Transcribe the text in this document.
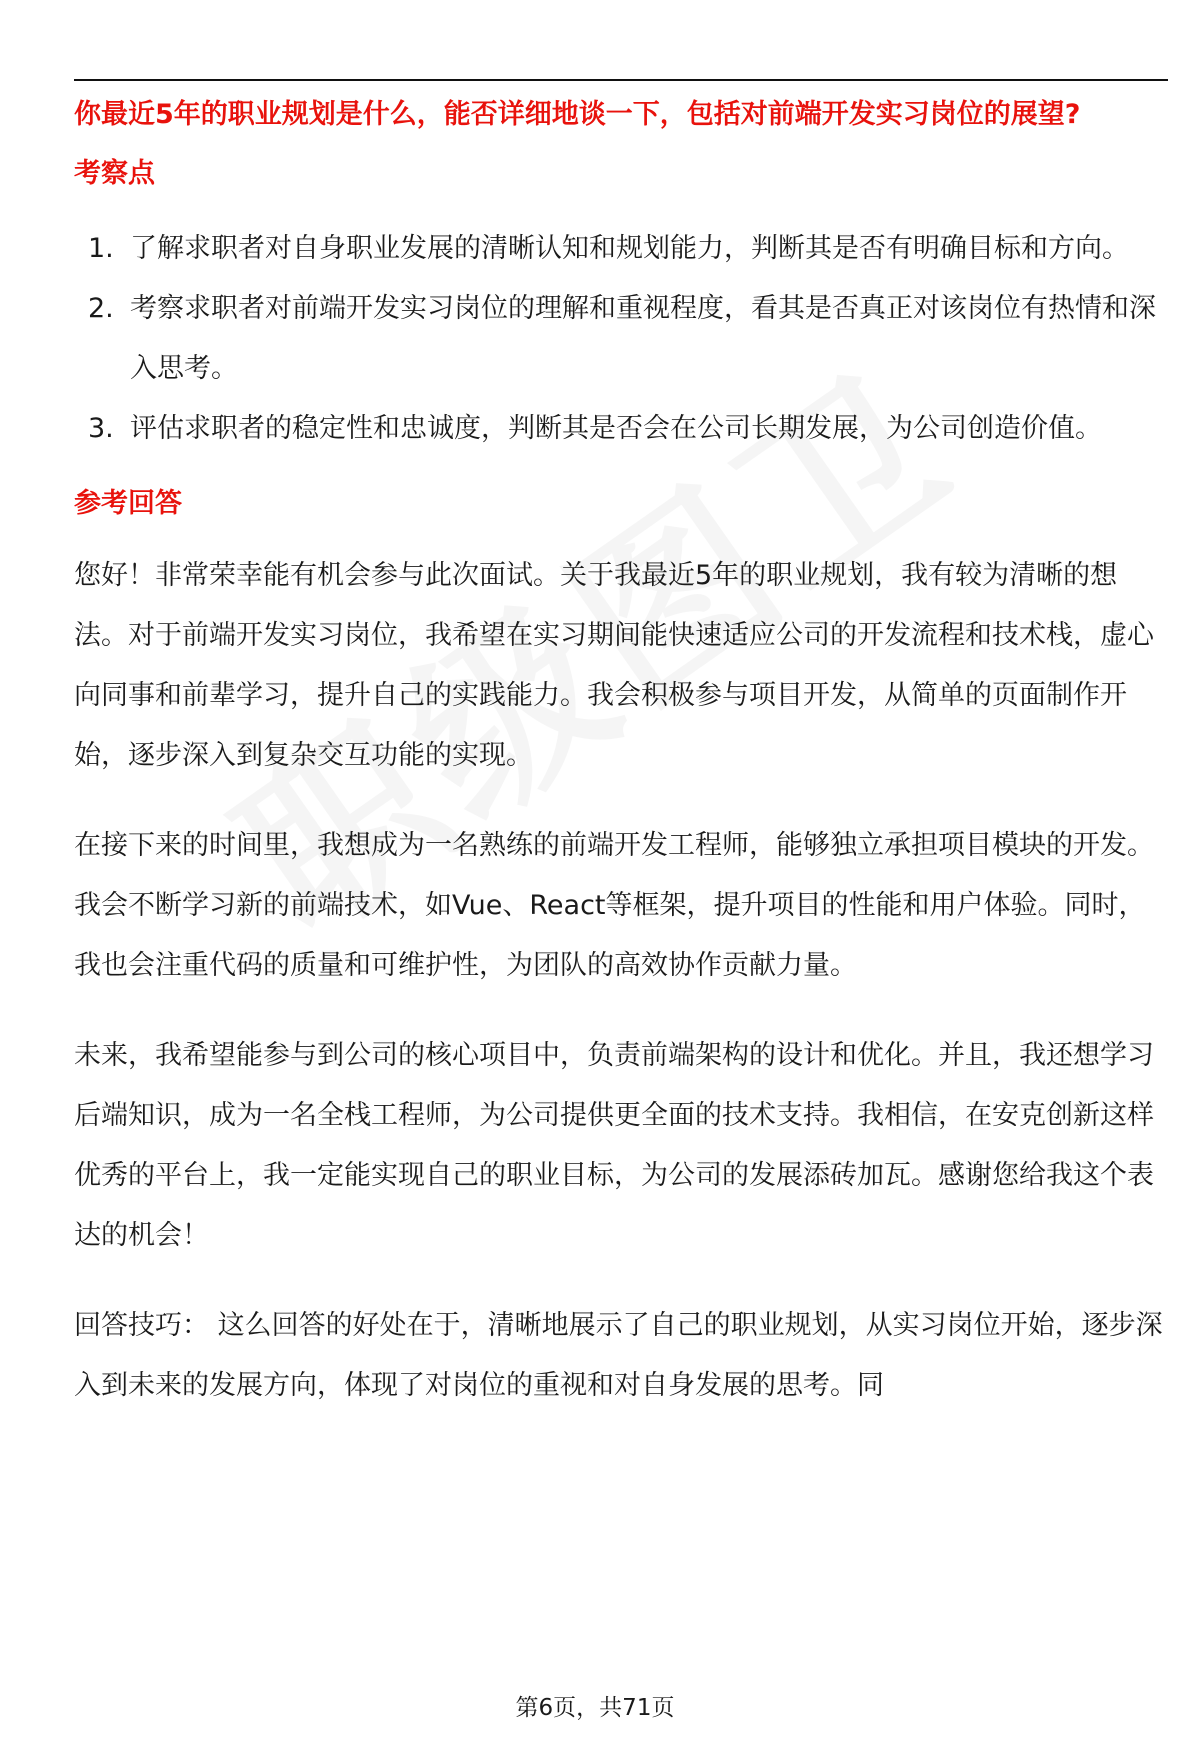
你最近5年的职业规划是什么，能否详细地谈一下，包括对前端开发实习岗位的展望?
考察点
1. 了解求职者对自身职业发展的清晰认知和规划能力，判断其是否有明确目标和方向。
2. 考察求职者对前端开发实习岗位的理解和重视程度，看其是否真正对该岗位有热情和深入思考。
3. 评估求职者的稳定性和忠诚度，判断其是否会在公司长期发展，为公司创造价值。
参考回答

您好！非常荣幸能有机会参与此次面试。关于我最近5年的职业规划，我有较为清晰的想法。对于前端开发实习岗位，我希望在实习期间能快速适应公司的开发流程和技术栈，虚心向同事和前辈学习，提升自己的实践能力。我会积极参与项目开发，从简单的页面制作开始，逐步深入到复杂交互功能的实现。

在接下来的时间里，我想成为一名熟练的前端开发工程师，能够独立承担项目模块的开发。我会不断学习新的前端技术，如Vue、React等框架，提升项目的性能和用户体验。同时，我也会注重代码的质量和可维护性，为团队的高效协作贡献力量。

未来，我希望能参与到公司的核心项目中，负责前端架构的设计和优化。并且，我还想学习后端知识，成为一名全栈工程师，为公司提供更全面的技术支持。我相信，在安克创新这样优秀的平台上，我一定能实现自己的职业目标，为公司的发展添砖加瓦。感谢您给我这个表达的机会！

回答技巧： 这么回答的好处在于，清晰地展示了自己的职业规划，从实习岗位开始，逐步深入到未来的发展方向，体现了对岗位的重视和对自身发展的思考。同

第6页，共71页
